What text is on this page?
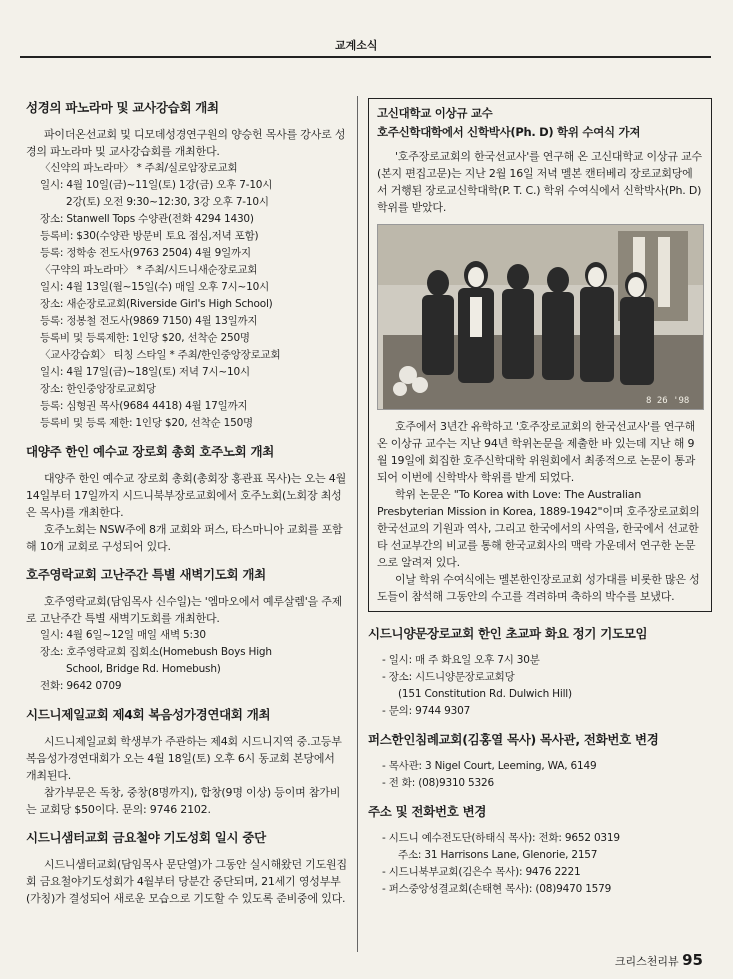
교계소식
성경의 파노라마 및 교사강습회 개최

파이더온선교회 및 디모데성경연구원의 양승헌 목사를 강사로 성경의 파노라마 및 교사강습회를 개최한다.

〈신약의 파노라마〉 * 주최/실로암장로교회
일시: 4월 10일(금)~11일(토) 1강(금) 오후 7-10시
2강(토) 오전 9:30~12:30, 3강 오후 7-10시
장소: Stanwell Tops 수양관(전화 4294 1430)
등록비: $30(수양관 방문비 토요 점심,저녁 포함)
등록: 정학송 전도사(9763 2504) 4월 9일까지
〈구약의 파노라마〉 * 주최/시드니새순장로교회
일시: 4월 13일(월~15일(수) 매일 오후 7시~10시
장소: 새순장로교회(Riverside Girl's High School)
등록: 정봉철 전도사(9869 7150) 4월 13일까지
등록비 및 등록제한: 1인당 $20, 선착순 250명
〈교사강습회〉 티칭 스타일 * 주최/한인중앙장로교회
일시: 4월 17일(금)~18일(토) 저녁 7시~10시
장소: 한인중앙장로교회당
등록: 심형권 목사(9684 4418) 4월 17일까지
등록비 및 등록 제한: 1인당 $20, 선착순 150명
대양주 한인 예수교 장로회 총회 호주노회 개최

대양주 한인 예수교 장로회 총회(총회장 홍관표 목사)는 오는 4월 14일부터 17일까지 시드니북부장로교회에서 호주노회(노회장 최성은 목사)를 개최한다.

호주노회는 NSW주에 8개 교회와 퍼스, 타스마니아 교회를 포함해 10개 교회로 구성되어 있다.

호주영락교회 고난주간 특별 새벽기도회 개최

호주영락교회(담임목사 신수일)는 '엠마오에서 예루살렘'을 주제로 고난주간 특별 새벽기도회를 개최한다.

일시: 4월 6일~12일 매일 새벽 5:30
장소: 호주영락교회 집회소(Homebush Boys High
School, Bridge Rd. Homebush)
전화: 9642 0709
시드니제일교회 제4회 복음성가경연대회 개최

시드니제일교회 학생부가 주관하는 제4회 시드니지역 중.고등부 복음성가경연대회가 오는 4월 18일(토) 오후 6시 동교회 본당에서 개최된다.

참가부문은 독창, 중창(8명까지), 합창(9명 이상) 등이며 참가비는 교회당 $50이다. 문의: 9746 2102.

시드니샘터교회 금요철야 기도성회 일시 중단

시드니샘터교회(담임목사 문단열)가 그동안 실시해왔던 기도원집회 금요철야기도성회가 4월부터 당분간 중단되며, 21세기 영성부부(가칭)가 결성되어 새로운 모습으로 기도할 수 있도록 준비중에 있다.

고신대학교 이상규 교수
호주신학대학에서 신학박사(Ph. D) 학위 수여식 가져

'호주장로교회의 한국선교사'를 연구해 온 고신대학교 이상규 교수(본지 편집고문)는 지난 2월 16일 저녁 멜본 캔터베리 장로교회당에서 거행된 장로교신학대학(P. T. C.) 학위 수여식에서 신학박사(Ph. D) 학위를 받았다.

8 26 '98

호주에서 3년간 유학하고 '호주장로교회의 한국선교사'를 연구해 온 이상규 교수는 지난 94년 학위논문을 제출한 바 있는데 지난 해 9월 19일에 회집한 호주신학대학 위원회에서 최종적으로 논문이 통과되어 이번에 신학박사 학위를 받게 되었다.

학위 논문은 "To Korea with Love: The Australian Presbyterian Mission in Korea, 1889-1942"이며 호주장로교회의 한국선교의 기원과 역사, 그리고 한국에서의 사역을, 한국에서 선교한 타 선교부간의 비교를 통해 한국교회사의 맥락 가운데서 연구한 논문으로 알려져 있다.

이날 학위 수여식에는 멜본한인장로교회 성가대를 비롯한 많은 성도들이 참석해 그동안의 수고를 격려하며 축하의 박수를 보냈다.

시드니양문장로교회 한인 초교파 화요 정기 기도모임
- 일시: 매 주 화요일 오후 7시 30분
- 장소: 시드니양문장로교회당
(151 Constitution Rd. Dulwich Hill)
- 문의: 9744 9307
퍼스한인침례교회(김홍열 목사) 목사관, 전화번호 변경
- 목사관: 3 Nigel Court, Leeming, WA, 6149
- 전 화: (08)9310 5326
주소 및 전화번호 변경
- 시드니 예수전도단(하태식 목사): 전화: 9652 0319
주소: 31 Harrisons Lane, Glenorie, 2157
- 시드니북부교회(김은수 목사): 9476 2221
- 퍼스중앙성결교회(손태현 목사): (08)9470 1579
크리스천리뷰 95
